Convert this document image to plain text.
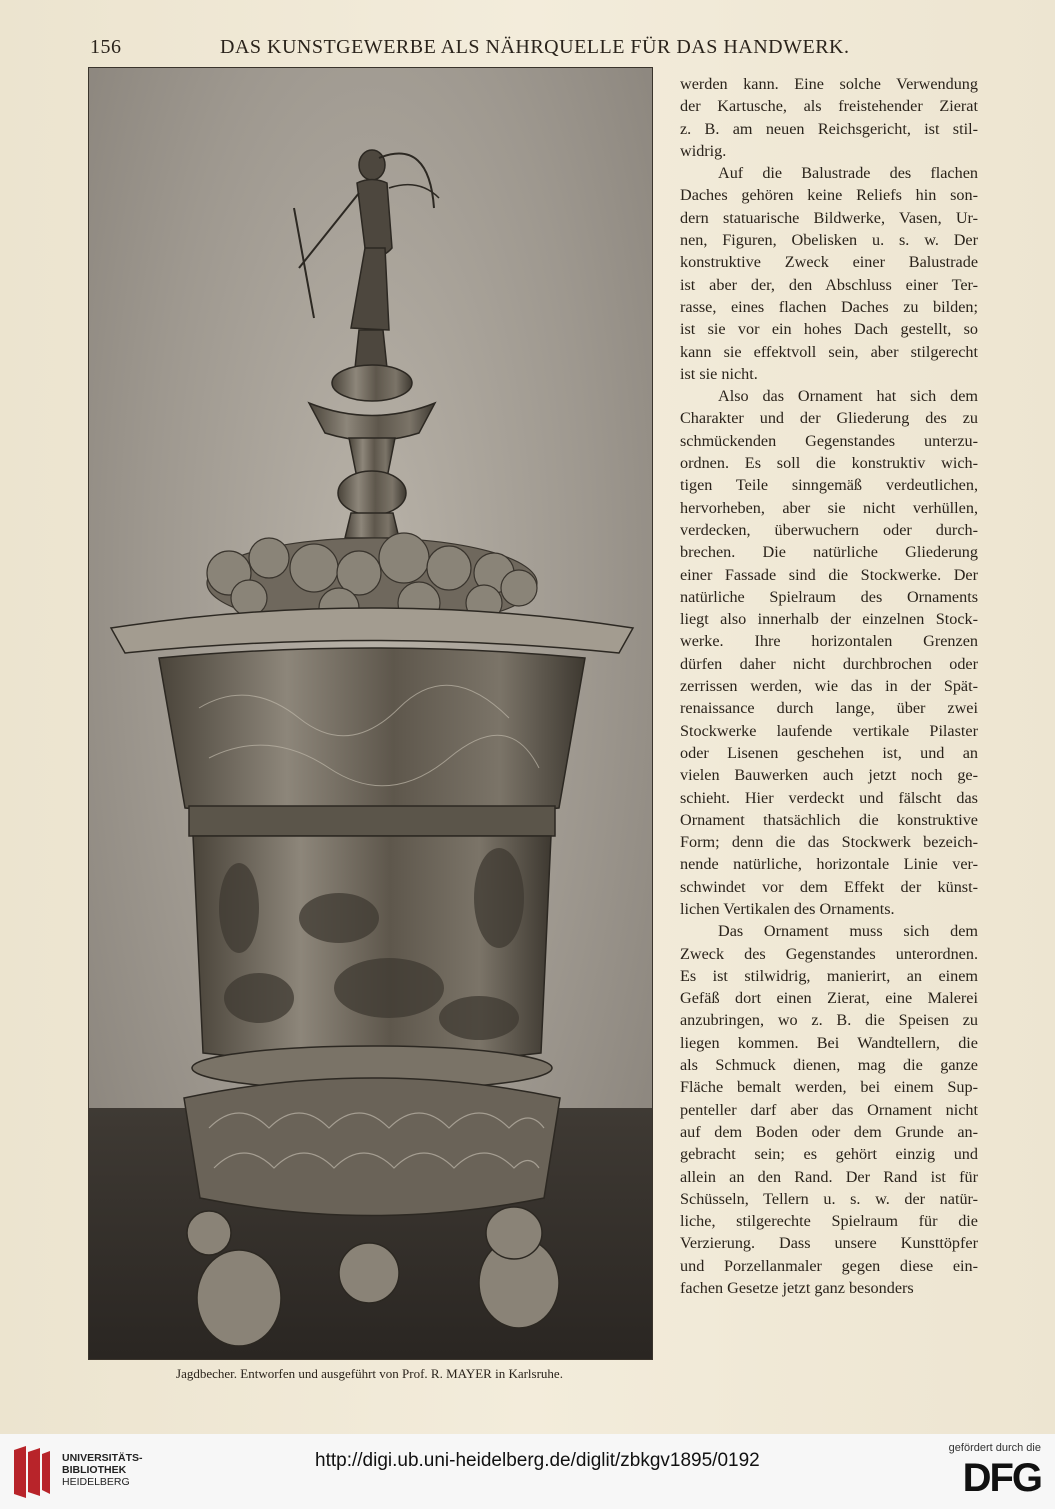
156	DAS KUNSTGEWERBE ALS NÄHRQUELLE FÜR DAS HANDWERK.
Jagdbecher. Entworfen und ausgeführt von Prof. R. MAYER in Karlsruhe.
werden kann. Eine solche Verwendung
der Kartusche, als freistehender Zierat
z. B. am neuen Reichsgericht, ist stil-
widrig.
Auf die Balustrade des flachen
Daches gehören keine Reliefs hin son-
dern statuarische Bildwerke, Vasen, Ur-
nen, Figuren, Obelisken u. s. w. Der
konstruktive Zweck einer Balustrade
ist aber der, den Abschluss einer Ter-
rasse, eines flachen Daches zu bilden;
ist sie vor ein hohes Dach gestellt, so
kann sie effektvoll sein, aber stilgerecht
ist sie nicht.
Also das Ornament hat sich dem
Charakter und der Gliederung des zu
schmückenden Gegenstandes unterzu-
ordnen. Es soll die konstruktiv wich-
tigen Teile sinngemäß verdeutlichen,
hervorheben, aber sie nicht verhüllen,
verdecken, überwuchern oder durch-
brechen. Die natürliche Gliederung
einer Fassade sind die Stockwerke. Der
natürliche Spielraum des Ornaments
liegt also innerhalb der einzelnen Stock-
werke. Ihre horizontalen Grenzen
dürfen daher nicht durchbrochen oder
zerrissen werden, wie das in der Spät-
renaissance durch lange, über zwei
Stockwerke laufende vertikale Pilaster
oder Lisenen geschehen ist, und an
vielen Bauwerken auch jetzt noch ge-
schieht. Hier verdeckt und fälscht das
Ornament thatsächlich die konstruktive
Form; denn die das Stockwerk bezeich-
nende natürliche, horizontale Linie ver-
schwindet vor dem Effekt der künst-
lichen Vertikalen des Ornaments.
Das Ornament muss sich dem
Zweck des Gegenstandes unterordnen.
Es ist stilwidrig, manierirt, an einem
Gefäß dort einen Zierat, eine Malerei
anzubringen, wo z. B. die Speisen zu
liegen kommen. Bei Wandtellern, die
als Schmuck dienen, mag die ganze
Fläche bemalt werden, bei einem Sup-
penteller darf aber das Ornament nicht
auf dem Boden oder dem Grunde an-
gebracht sein; es gehört einzig und
allein an den Rand. Der Rand ist für
Schüsseln, Tellern u. s. w. der natür-
liche, stilgerechte Spielraum für die
Verzierung. Dass unsere Kunsttöpfer
und Porzellanmaler gegen diese ein-
fachen Gesetze jetzt ganz besonders
UNIVERSITÄTS-
BIBLIOTHEK
HEIDELBERG
http://digi.ub.uni-heidelberg.de/diglit/zbkgv1895/0192
gefördert durch die
DFG
